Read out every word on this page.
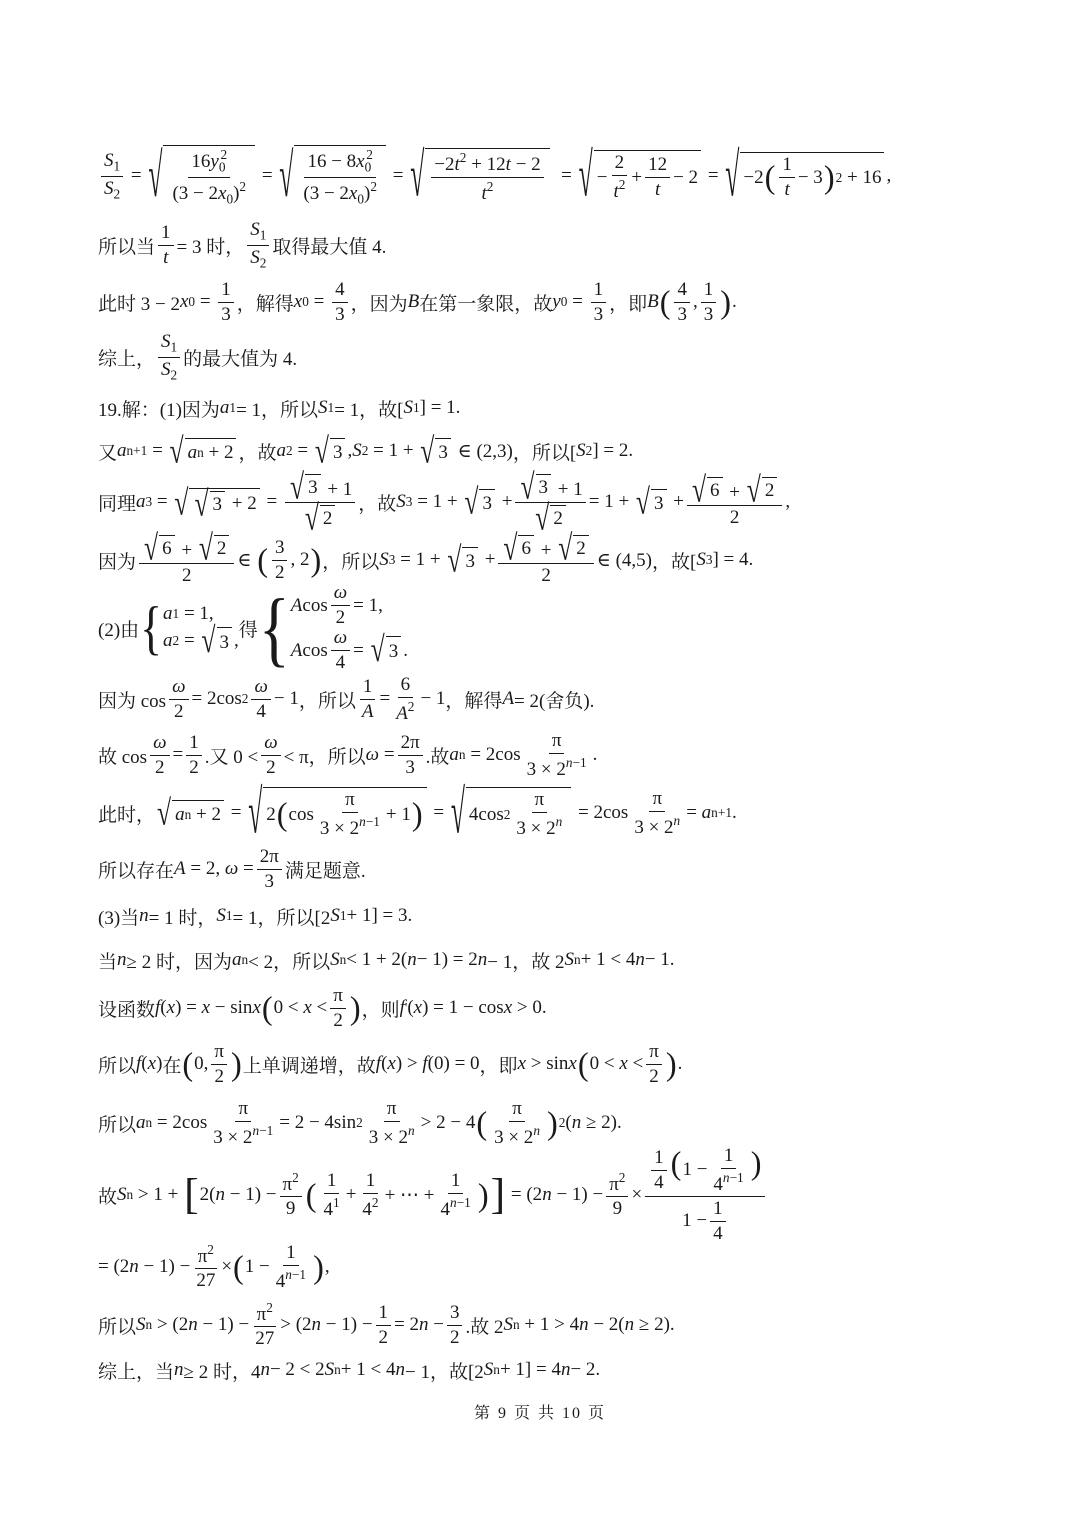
$\frac{S_1}{S_2}$ = √ $\frac{16y_0^2}{(3 - 2x_0)^2}$ = √ $\frac{16 - 8x_0^2}{(3 - 2x_0)^2}$ = √ $\frac{-2t^2 + 12t - 2}{t^2}$ = √ − $\frac{2}{t^2} + \frac{12}{t} - 2$ = √ −2 ( $\frac{1}{t} - 3$ ) 2 + 16 ,
所以当 $\frac{1}{t} = 3$ 时， $\frac{S_1}{S_2}$ 取得最大值 4.
此时 3 − 2 x $0 = \frac{1}{3}$ ，解得 x $0 = \frac{4}{3}$ ，因为 B 在第一象限，故 y $0 = \frac{1}{3}$ ，即 B ( $\frac{4}{3}$ , $\frac{1}{3}$ ) .
综上， $\frac{S_1}{S_2}$ 的最大值为 4.
19.解：(1)因为 a 1 = 1，所以 S 1 = 1，故[ S 1 ] = 1.
又 a n+1 = √ a n + 2 ，故 a 2 = √ 3 , S 2 = 1 + √ 3 ∈ (2,3) ，所以[ S 2 ] = 2.
同理 a 3 = √ √ $3 + 2 = \frac{√ 3 + 1}{√ 2}$ ，故 S 3 = 1 + √ $3 + \frac{√ 3 + 1}{√ 2} = 1$ + √ $3 + \frac{√ 6 + √ 2}{2}$ ,
因为 $\frac{√ 6 + √ 2}{2}$ ∈ ( $\frac{3}{2}$ , 2 ) ，所以 S 3 = 1 + √ $3 + \frac{√ 6 + √ 2}{2}$ ∈ (4,5) ，故[ S 3 ] = 4.
(2)由 { a 1 = 1,
a 2 = √ 3 , 得 { A $\cos \frac{\omega}{2} = 1$,
A $\cos \frac{\omega}{4}$ = √ 3 .
因为 $\cos \frac{\omega}{2} = 2\cos$ $2 \frac{\omega}{4} - 1$ ，所以 $\frac{1}{A} = \frac{6}{A^2} - 1$ ，解得 A = 2(舍负).
故 $\cos \frac{\omega}{2} = \frac{1}{2}$ .又 $0 < \frac{\omega}{2} < \pi$，所以 $\omega = \frac{2\pi}{3}$ .故 a $n = 2\cos \frac{\pi}{3 \times 2^{n-1}}$ .
此时， √ a n + 2 = √ 2 ( $\cos \frac{\pi}{3 \times 2^{n-1}} + 1$ ) = √ 4cos $2 \frac{\pi}{3 \times 2^n} = 2\cos \frac{\pi}{3 \times 2^n} = a$ n+1 .
所以存在 A = 2, $\omega = \frac{2\pi}{3}$ 满足题意.
(3)当 n = 1 时， S 1 = 1，所以[2 S 1 + 1] = 3.
当 n ≥ 2 时，因为 a n < 2，所以 S n < 1 + 2( n − 1) = 2 n − 1，故 2 S n + 1 < 4 n − 1.
设函数 f ( x ) = x − sin x ( $0 < x < \frac{\pi}{2}$ ) ，则 f ' ( x ) = 1 − cos x > 0.
所以 f ( x ) 在 ( 0, $\frac{\pi}{2}$ ) 上单调递增，故 f ( x ) > f (0) = 0 ，即 x > sin x ( $0 < x < \frac{\pi}{2}$ ) .
所以 a $n = 2\cos \frac{\pi}{3 \times 2^{n-1}} = 2 - 4\sin$ $2 \frac{\pi}{3 \times 2^n} > 2 - 4$ ( $\frac{\pi}{3 \times 2^n}$ ) 2 ( n ≥ 2).
故 S n > 1 + [ 2( $n - 1) - \frac{\pi^2}{9}$ ( $\frac{1}{4^1} + \frac{1}{4^2}$ + ⋯ + $\frac{1}{4^{n-1}}$ ) ] = (2 $n - 1) - \frac{\pi^2}{9} \times \frac{\frac{1}{4} (1 - \frac{1}{4^{n-1}} )}{1 - \frac{1}{4}}$
= (2 $n - 1) - \frac{\pi^2}{27}$ × ( $1 - \frac{1}{4^{n-1}}$ ) ,
所以 S n > (2 $n - 1) - \frac{\pi^2}{27} > (2$ $n - 1) - \frac{1}{2} = 2$ $n - \frac{3}{2}$ .故 2 S n + 1 > 4 n − 2( n ≥ 2).
综上，当 n ≥ 2 时，4 n − 2 < 2 S n + 1 < 4 n − 1，故[2 S n + 1] = 4 n − 2.
第 9 页 共 10 页
